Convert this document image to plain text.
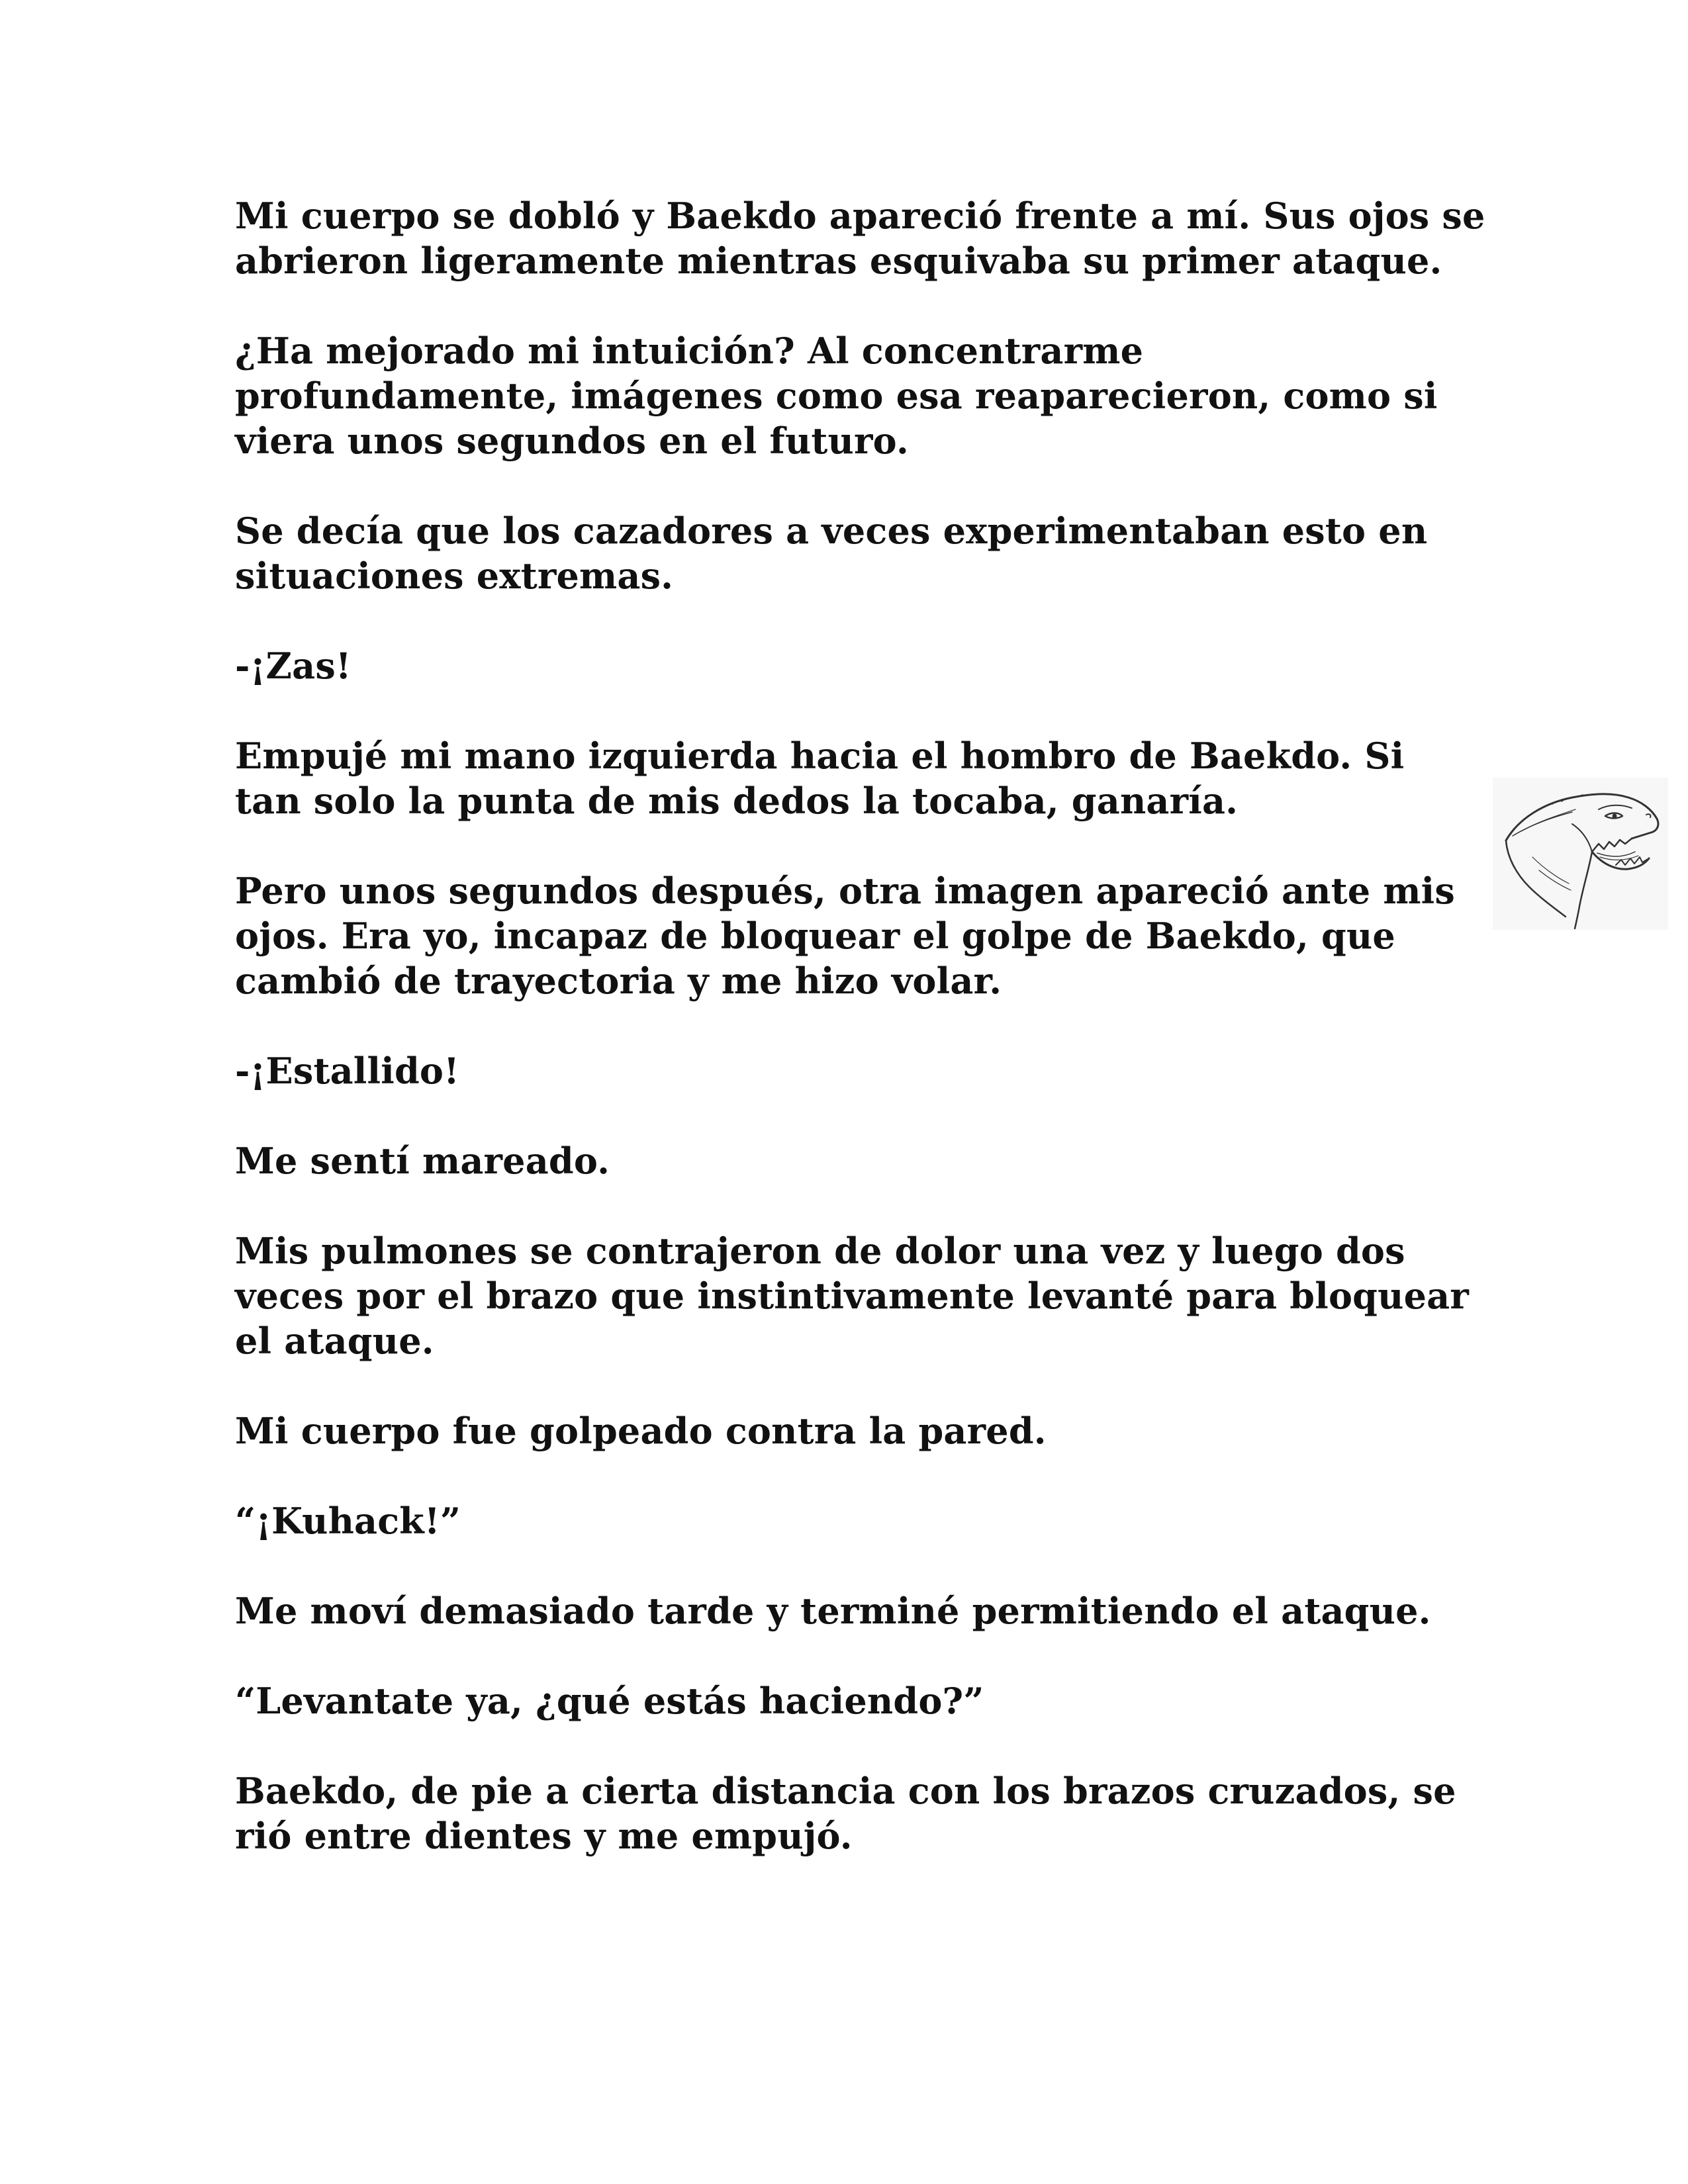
Mi cuerpo se dobló y Baekdo apareció frente a mí. Sus ojos se
abrieron ligeramente mientras esquivaba su primer ataque.

¿Ha mejorado mi intuición? Al concentrarme
profundamente, imágenes como esa reaparecieron, como si
viera unos segundos en el futuro.

Se decía que los cazadores a veces experimentaban esto en
situaciones extremas.

-¡Zas!

Empujé mi mano izquierda hacia el hombro de Baekdo. Si
tan solo la punta de mis dedos la tocaba, ganaría.

Pero unos segundos después, otra imagen apareció ante mis
ojos. Era yo, incapaz de bloquear el golpe de Baekdo, que
cambió de trayectoria y me hizo volar.

-¡Estallido!

Me sentí mareado.

Mis pulmones se contrajeron de dolor una vez y luego dos
veces por el brazo que instintivamente levanté para bloquear
el ataque.

Mi cuerpo fue golpeado contra la pared.

“¡Kuhack!”

Me moví demasiado tarde y terminé permitiendo el ataque.

“Levantate ya, ¿qué estás haciendo?”

Baekdo, de pie a cierta distancia con los brazos cruzados, se
rió entre dientes y me empujó.
